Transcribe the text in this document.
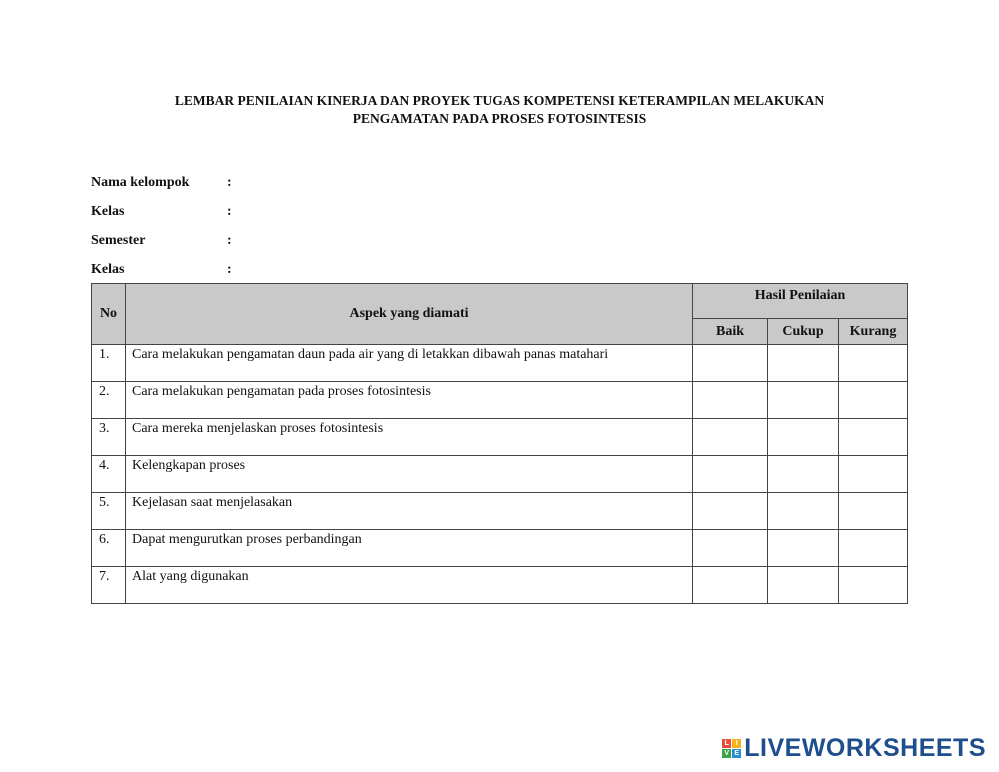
LEMBAR PENILAIAN KINERJA DAN PROYEK TUGAS KOMPETENSI KETERAMPILAN MELAKUKAN
PENGAMATAN PADA PROSES FOTOSINTESIS
Nama kelompok	:
Kelas	:
Semester	:
Kelas	:
No	Aspek yang diamati	Hasil Penilaian		
		Baik	Cukup	Kurang
1.	Cara melakukan pengamatan daun pada air yang di letakkan dibawah panas matahari			
2.	Cara melakukan pengamatan pada proses fotosintesis			
3.	Cara mereka menjelaskan proses fotosintesis			
4.	Kelengkapan proses			
5.	Kejelasan saat menjelasakan			
6.	Dapat mengurutkan proses perbandingan			
7.	Alat yang digunakan			
L I
V E LIVEWORKSHEETS
